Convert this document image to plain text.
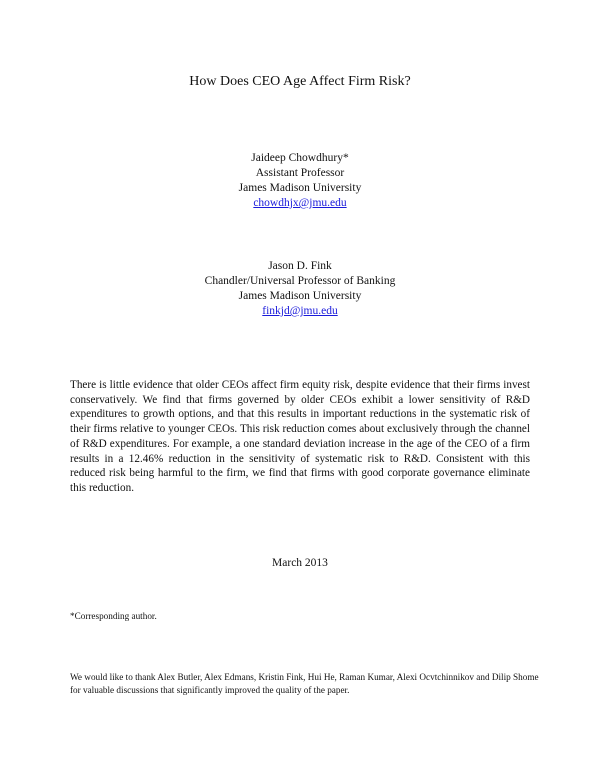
How Does CEO Age Affect Firm Risk?
Jaideep Chowdhury*
Assistant Professor
James Madison University
chowdhjx@jmu.edu
Jason D. Fink
Chandler/Universal Professor of Banking
James Madison University
finkjd@jmu.edu

There is little evidence that older CEOs affect firm equity risk, despite evidence that their firms invest conservatively. We find that firms governed by older CEOs exhibit a lower sensitivity of R&D expenditures to growth options, and that this results in important reductions in the systematic risk of their firms relative to younger CEOs. This risk reduction comes about exclusively through the channel of R&D expenditures. For example, a one standard deviation increase in the age of the CEO of a firm results in a 12.46% reduction in the sensitivity of systematic risk to R&D. Consistent with this reduced risk being harmful to the firm, we find that firms with good corporate governance eliminate this reduction.

March 2013
*Corresponding author.

We would like to thank Alex Butler, Alex Edmans, Kristin Fink, Hui He, Raman Kumar, Alexi Ocvtchinnikov and Dilip Shome for valuable discussions that significantly improved the quality of the paper.
